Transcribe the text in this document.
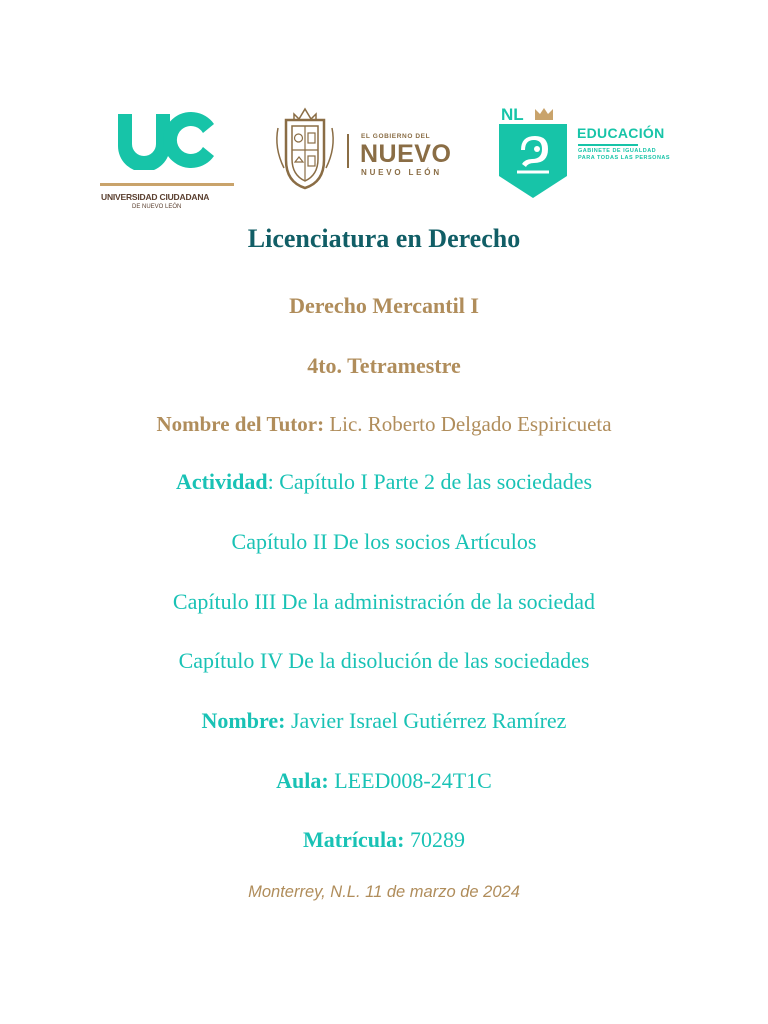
UNIVERSIDAD CIUDADANA
DE NUEVO LEÓN
EL GOBIERNO DEL
NUEVO
NUEVO LEÓN
NL
EDUCACIÓN
GABINETE DE IGUALDAD
PARA TODAS LAS PERSONAS
Licenciatura en Derecho
Derecho Mercantil I
4to. Tetramestre
Nombre del Tutor: Lic. Roberto Delgado Espiricueta
Actividad: Capítulo I Parte 2 de las sociedades
Capítulo II De los socios Artículos
Capítulo III De la administración de la sociedad
Capítulo IV De la disolución de las sociedades
Nombre: Javier Israel Gutiérrez Ramírez
Aula: LEED008-24T1C
Matrícula: 70289
Monterrey, N.L. 11 de marzo de 2024
